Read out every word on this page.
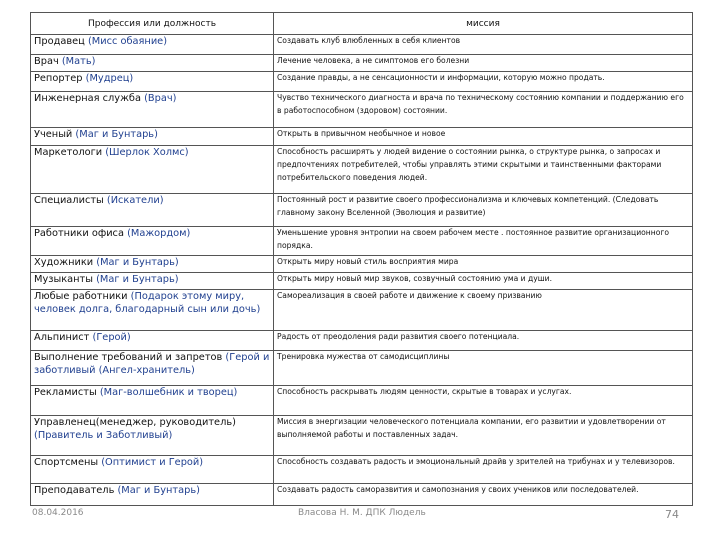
Профессия или должность	миссия
Продавец (Мисс обаяние)	Создавать клуб влюбленных в себя клиентов
Врач (Мать)	Лечение человека, а не симптомов его болезни
Репортер (Мудрец)	Создание правды, а не сенсационности и информации, которую можно продать.
Инженерная служба (Врач)	Чувство технического диагноста и врача по техническому состоянию компании и поддержанию его в работоспособном (здоровом) состоянии.
Ученый (Маг и Бунтарь)	Открыть в привычном необычное и новое
Маркетологи (Шерлок Холмс)	Способность расширять у людей видение о состоянии рынка, о структуре рынка, о запросах и предпочтениях потребителей, чтобы управлять этими скрытыми и таинственными факторами потребительского поведения людей.
Специалисты (Искатели)	Постоянный рост и развитие своего профессионализма и ключевых компетенций. (Следовать главному закону Вселенной (Эволюция и развитие)
Работники офиса (Мажордом)	Уменьшение уровня энтропии на своем рабочем месте . постоянное развитие организационного порядка.
Художники (Маг и Бунтарь)	Открыть миру новый стиль восприятия мира
Музыканты (Маг и Бунтарь)	Открыть миру новый мир звуков, созвучный состоянию ума и души.
Любые работники (Подарок этому миру, человек долга, благодарный сын или дочь)	Самореализация в своей работе и движение к своему призванию
Альпинист (Герой)	Радость от преодоления ради развития своего потенциала.
Выполнение требований и запретов (Герой и заботливый (Ангел-хранитель)	Тренировка мужества от самодисциплины
Рекламисты (Маг-волшебник и творец)	Способность раскрывать людям ценности, скрытые в товарах и услугах.
Управленец(менеджер, руководитель) (Правитель и Заботливый)	Миссия в энергизации человеческого потенциала компании, его развитии и удовлетворении от выполняемой работы и поставленных задач.
Спортсмены (Оптимист и Герой)	Способность создавать радость и эмоциональный драйв у зрителей на трибунах и у телевизоров.
Преподаватель (Маг и Бунтарь)	Создавать радость саморазвития и самопознания у своих учеников или последователей.
08.04.2016	Власова Н. М. ДПК Людель	74
